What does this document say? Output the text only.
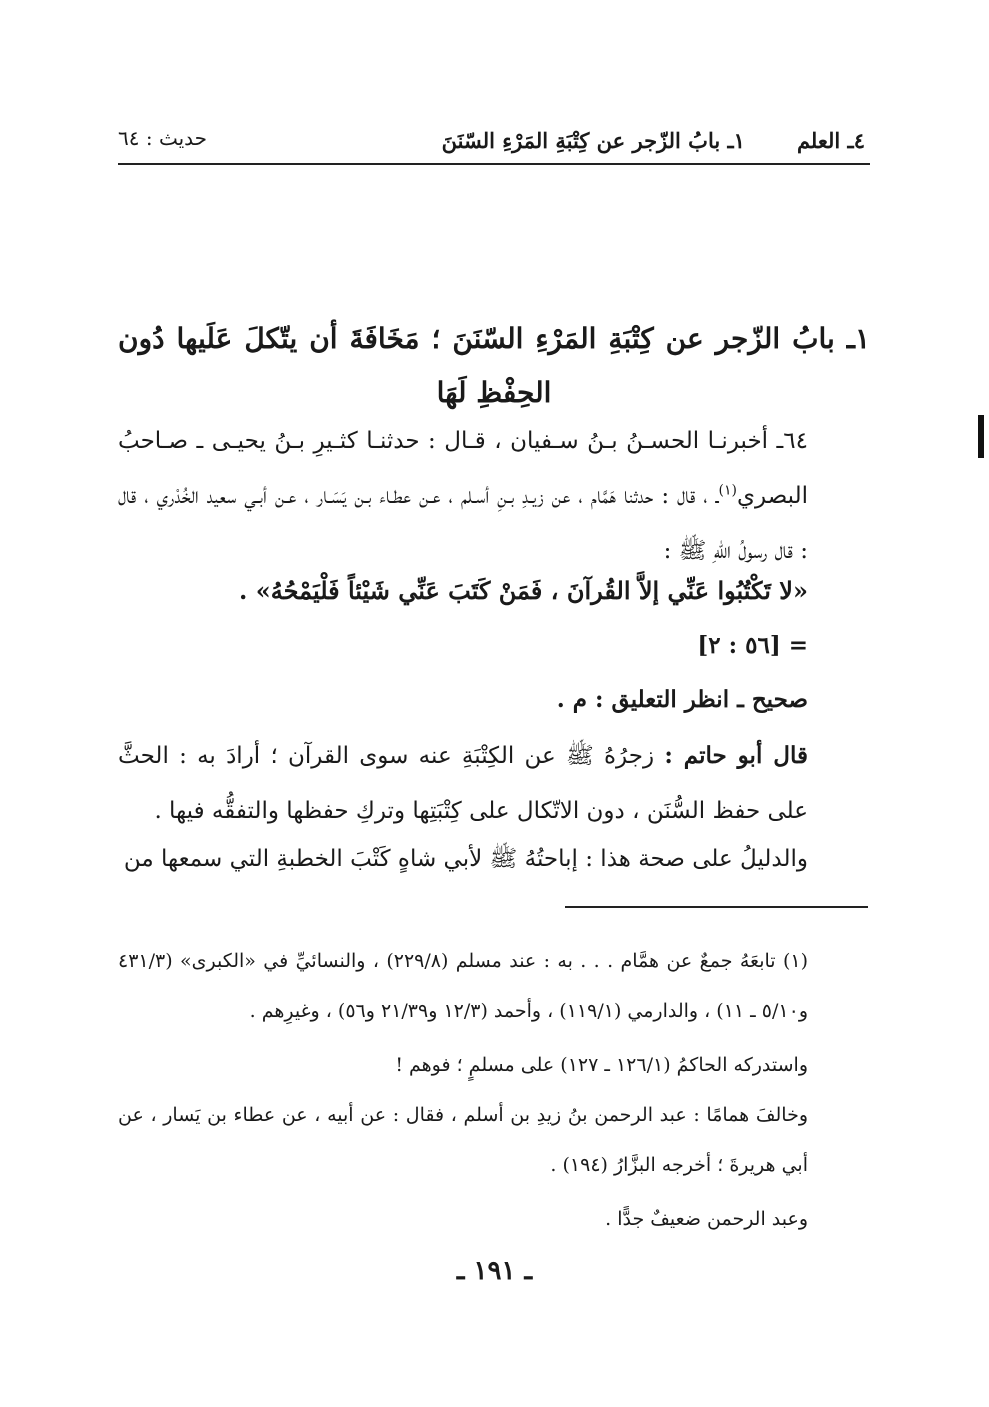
٤ـ العلم١ـ بابُ الزّجر عن كِتْبَةِ المَرْءِ السّنَنَ
حديث : ٦٤
١ـ بابُ الزّجر عن كِتْبَةِ المَرْءِ السّنَنَ ؛ مَخَافَةَ أن يتّكلَ عَلَيها دُون الحِفْظِ لَهَا
٦٤ـ أخبرنـا الحسـنُ بـنُ سـفيان ، قـال : حدثنـا كثـيرِ بـنُ يحيـى ـ صـاحبُ البصري$^{(١)}$ـ ، قال : حدثنا هَمَّام ، عن زيـدِ بـنِ أسـلم ، عـن عطـاء بـن يَسَـار ، عـن أبـي سعيد الخُدْري ، قال : قال رسولُ اللّهِ ﷺ :
«لا تَكْتُبُوا عَنِّي إلاَّ القُرآنَ ، فَمَنْ كَتَبَ عَنِّي شَيْئاً فَلْيَمْحُهُ» .
[٥٦ : ٢] =
صحيح ـ انظر التعليق : م .
قال أبو حاتم : زجرُهُ ﷺ عن الكِتْبَةِ عنه سوى القرآن ؛ أرادَ به : الحثَّ على حفظ السُّنَن ، دون الاتّكال على كِتْبَتِها وتركِ حفظها والتفقُّه فيها .
والدليلُ على صحة هذا : إباحتُهُ ﷺ لأبي شاهٍ كَتْبَ الخطبةِ التي سمعها من
(١) تابعَهُ جمعٌ عن همَّام . . . به : عند مسلم (٢٢٩/٨) ، والنسائيِّ في «الكبرى» (٤٣١/٣ و٥/١٠ ـ ١١) ، والدارمي (١١٩/١) ، وأحمد (١٢/٣ و٢١/٣٩ و٥٦) ، وغيرِهم .
واستدركه الحاكمُ (١٢٦/١ ـ ١٢٧) على مسلمٍ ؛ فوهم !
وخالفَ همامًا : عبد الرحمن بنُ زيدِ بن أسلم ، فقال : عن أبيه ، عن عطاء بن يَسار ، عن أبي هريرةَ ؛ أخرجه البزَّارُ (١٩٤) .
وعبد الرحمن ضعيفٌ جدًّا .
ـ ١٩١ ـ
